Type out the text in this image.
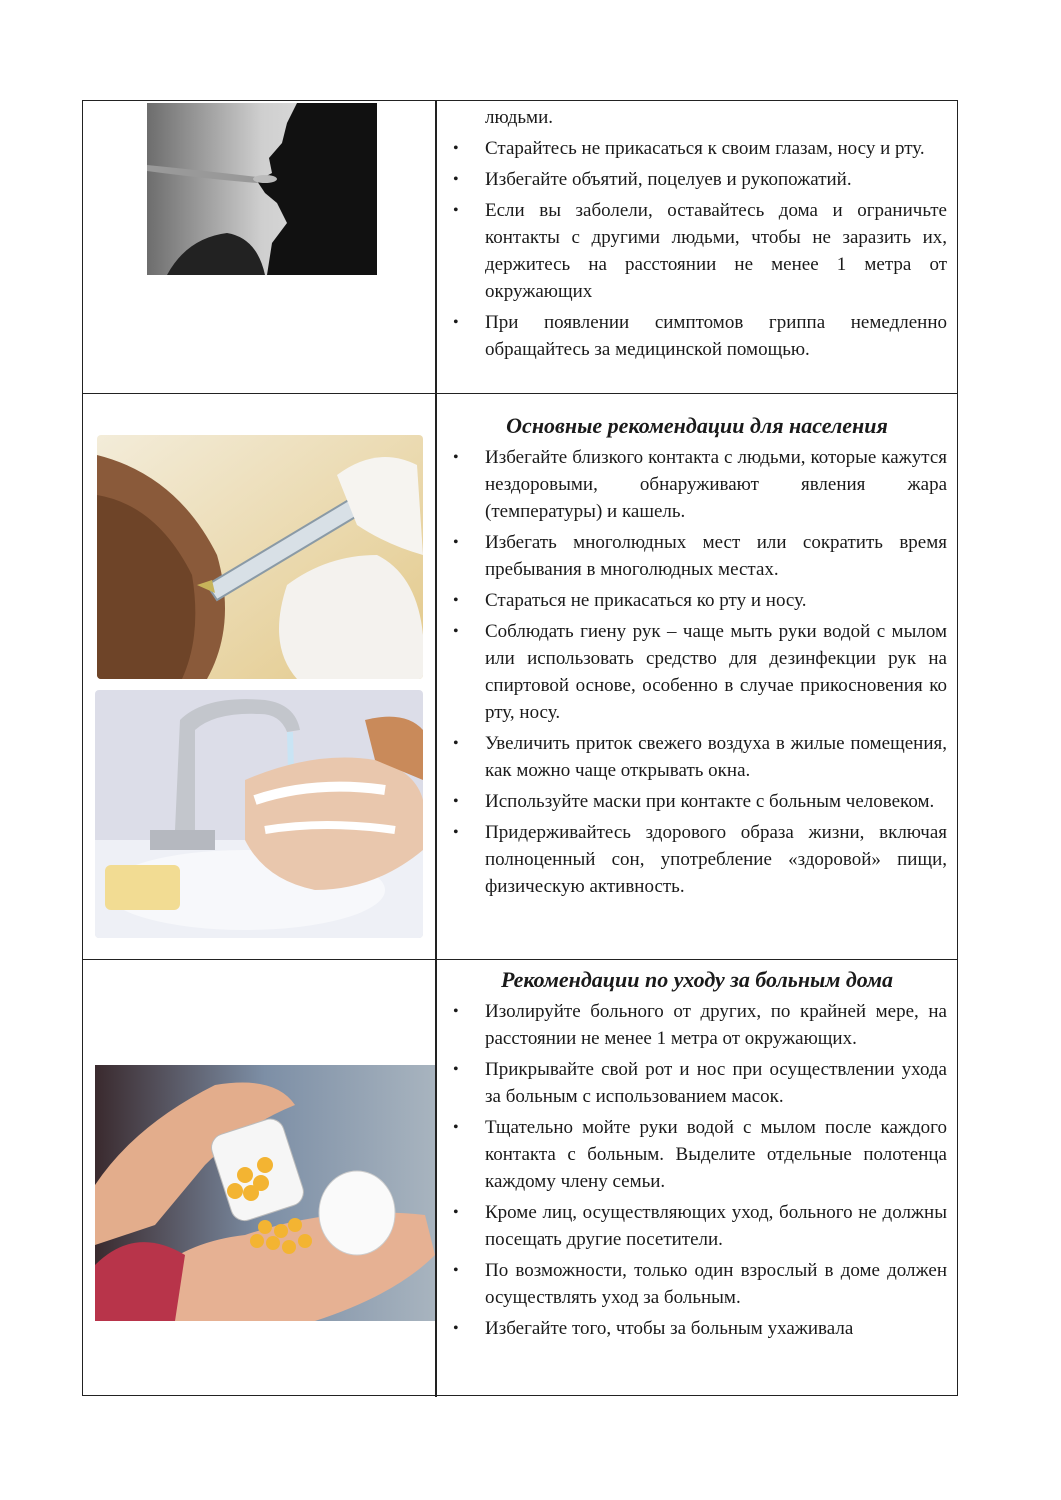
людьми.
• Старайтесь не прикасаться к своим глазам, носу и рту.
• Избегайте объятий, поцелуев и рукопожатий.
• Если вы заболели, оставайтесь дома и ограничьте контакты с другими людьми, чтобы не заразить их, держитесь на расстоянии не менее 1 метра от окружающих
• При появлении симптомов гриппа немедленно обращайтесь за медицинской помощью.
Основные рекомендации для населения
• Избегайте близкого контакта с людьми, которые кажутся нездоровыми, обнаруживают явления жара (температуры) и кашель.
• Избегать многолюдных мест или сократить время пребывания в многолюдных местах.
• Стараться не прикасаться ко рту и носу.
• Соблюдать гиену рук – чаще мыть руки водой с мылом или использовать средство для дезинфекции рук на спиртовой основе, особенно в случае прикосновения ко рту, носу.
• Увеличить приток свежего воздуха в жилые помещения, как можно чаще открывать окна.
• Используйте маски при контакте с больным человеком.
• Придерживайтесь здорового образа жизни, включая полноценный сон, употребление «здоровой» пищи, физическую активность.
Рекомендации по уходу за больным дома
• Изолируйте больного от других, по крайней мере, на расстоянии не менее 1 метра от окружающих.
• Прикрывайте свой рот и нос при осуществлении ухода за больным с использованием масок.
• Тщательно мойте руки водой с мылом после каждого контакта с больным. Выделите отдельные полотенца каждому члену семьи.
• Кроме лиц, осуществляющих уход, больного не должны посещать другие посетители.
• По возможности, только один взрослый в доме должен осуществлять уход за больным.
• Избегайте того, чтобы за больным ухаживала
